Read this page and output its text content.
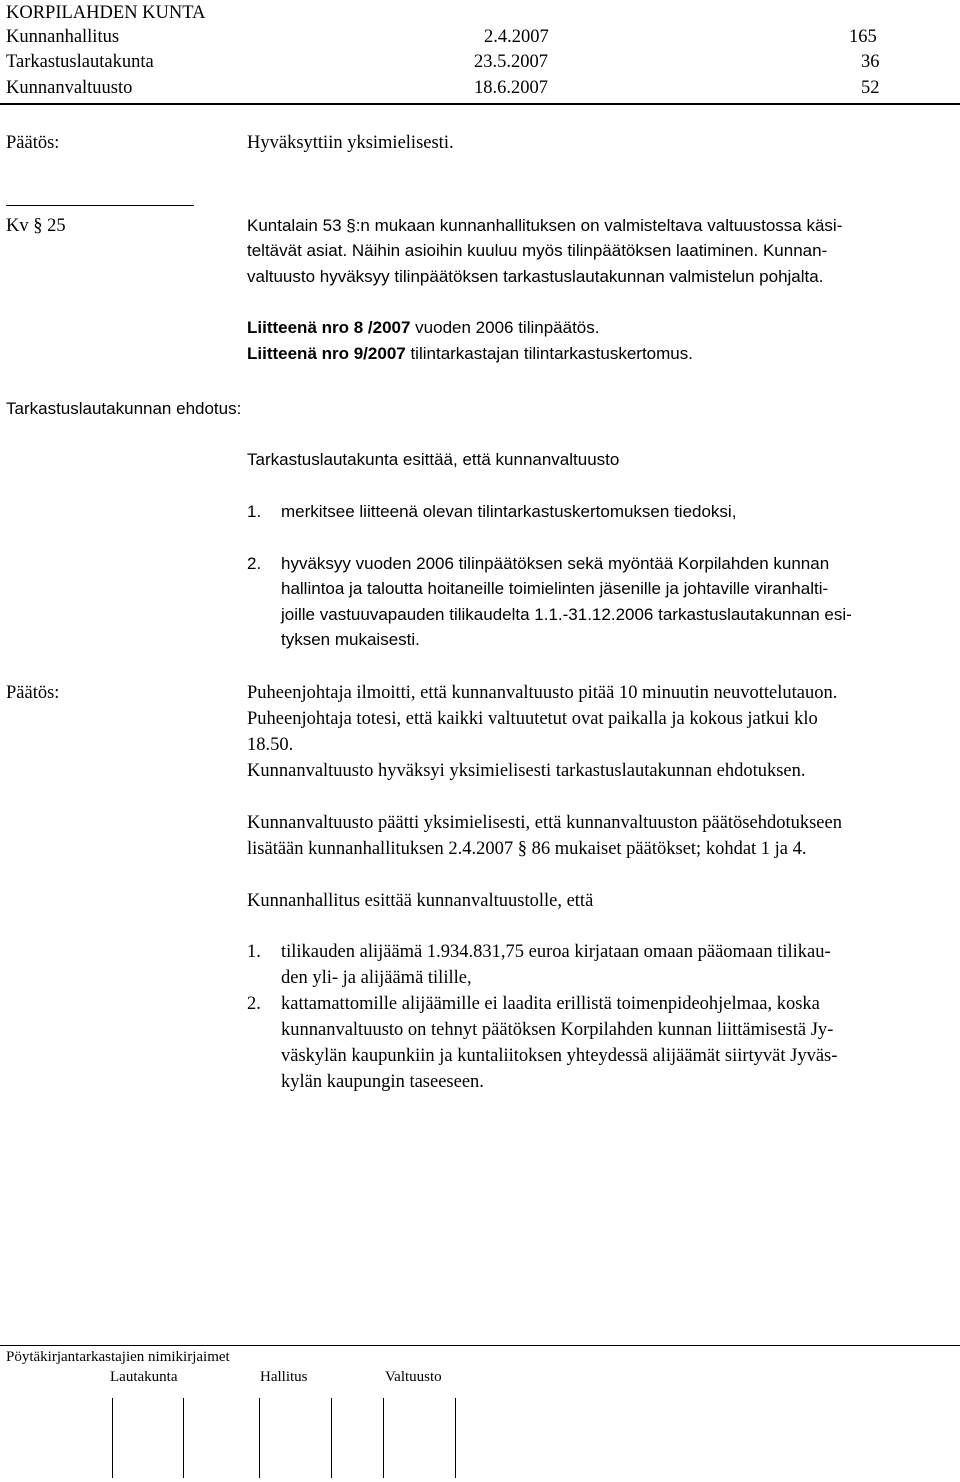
KORPILAHDEN KUNTA
Kunnanhallitus	2.4.2007	165
Tarkastuslautakunta	23.5.2007	36
Kunnanvaltuusto	18.6.2007	52
Päätös:	Hyväksyttiin yksimielisesti.
Kv § 25	Kuntalain 53 §:n mukaan kunnanhallituksen on valmisteltava valtuustossa käsi-
teltävät asiat. Näihin asioihin kuuluu myös tilinpäätöksen laatiminen. Kunnan-
valtuusto hyväksyy tilinpäätöksen tarkastuslautakunnan valmistelun pohjalta.
Liitteenä nro 8 /2007 vuoden 2006 tilinpäätös.
Liitteenä nro 9/2007 tilintarkastajan tilintarkastuskertomus.
Tarkastuslautakunnan ehdotus:
Tarkastuslautakunta esittää, että kunnanvaltuusto
1. merkitsee liitteenä olevan tilintarkastuskertomuksen tiedoksi,
2. hyväksyy vuoden 2006 tilinpäätöksen sekä myöntää Korpilahden kunnan
hallintoa ja taloutta hoitaneille toimielinten jäsenille ja johtaville viranhalti-
joille vastuuvapauden tilikaudelta 1.1.-31.12.2006 tarkastuslautakunnan esi-
tyksen mukaisesti.
Päätös:	Puheenjohtaja ilmoitti, että kunnanvaltuusto pitää 10 minuutin neuvottelutauon.
Puheenjohtaja totesi, että kaikki valtuutetut ovat paikalla ja kokous jatkui klo
18.50.
Kunnanvaltuusto hyväksyi yksimielisesti tarkastuslautakunnan ehdotuksen.
Kunnanvaltuusto päätti yksimielisesti, että kunnanvaltuuston päätösehdotukseen
lisätään kunnanhallituksen 2.4.2007 § 86 mukaiset päätökset; kohdat 1 ja 4.
Kunnanhallitus esittää kunnanvaltuustolle, että
1. tilikauden alijäämä 1.934.831,75 euroa kirjataan omaan pääomaan tilikau-
den yli- ja alijäämä tilille,
2. kattamattomille alijäämille ei laadita erillistä toimenpideohjelmaa, koska
kunnanvaltuusto on tehnyt päätöksen Korpilahden kunnan liittämisestä Jy-
väskylän kaupunkiin ja kuntaliitoksen yhteydessä alijäämät siirtyvät Jyväs-
kylän kaupungin taseeseen.
Pöytäkirjantarkastajien nimikirjaimet
Lautakunta	Hallitus	Valtuusto
